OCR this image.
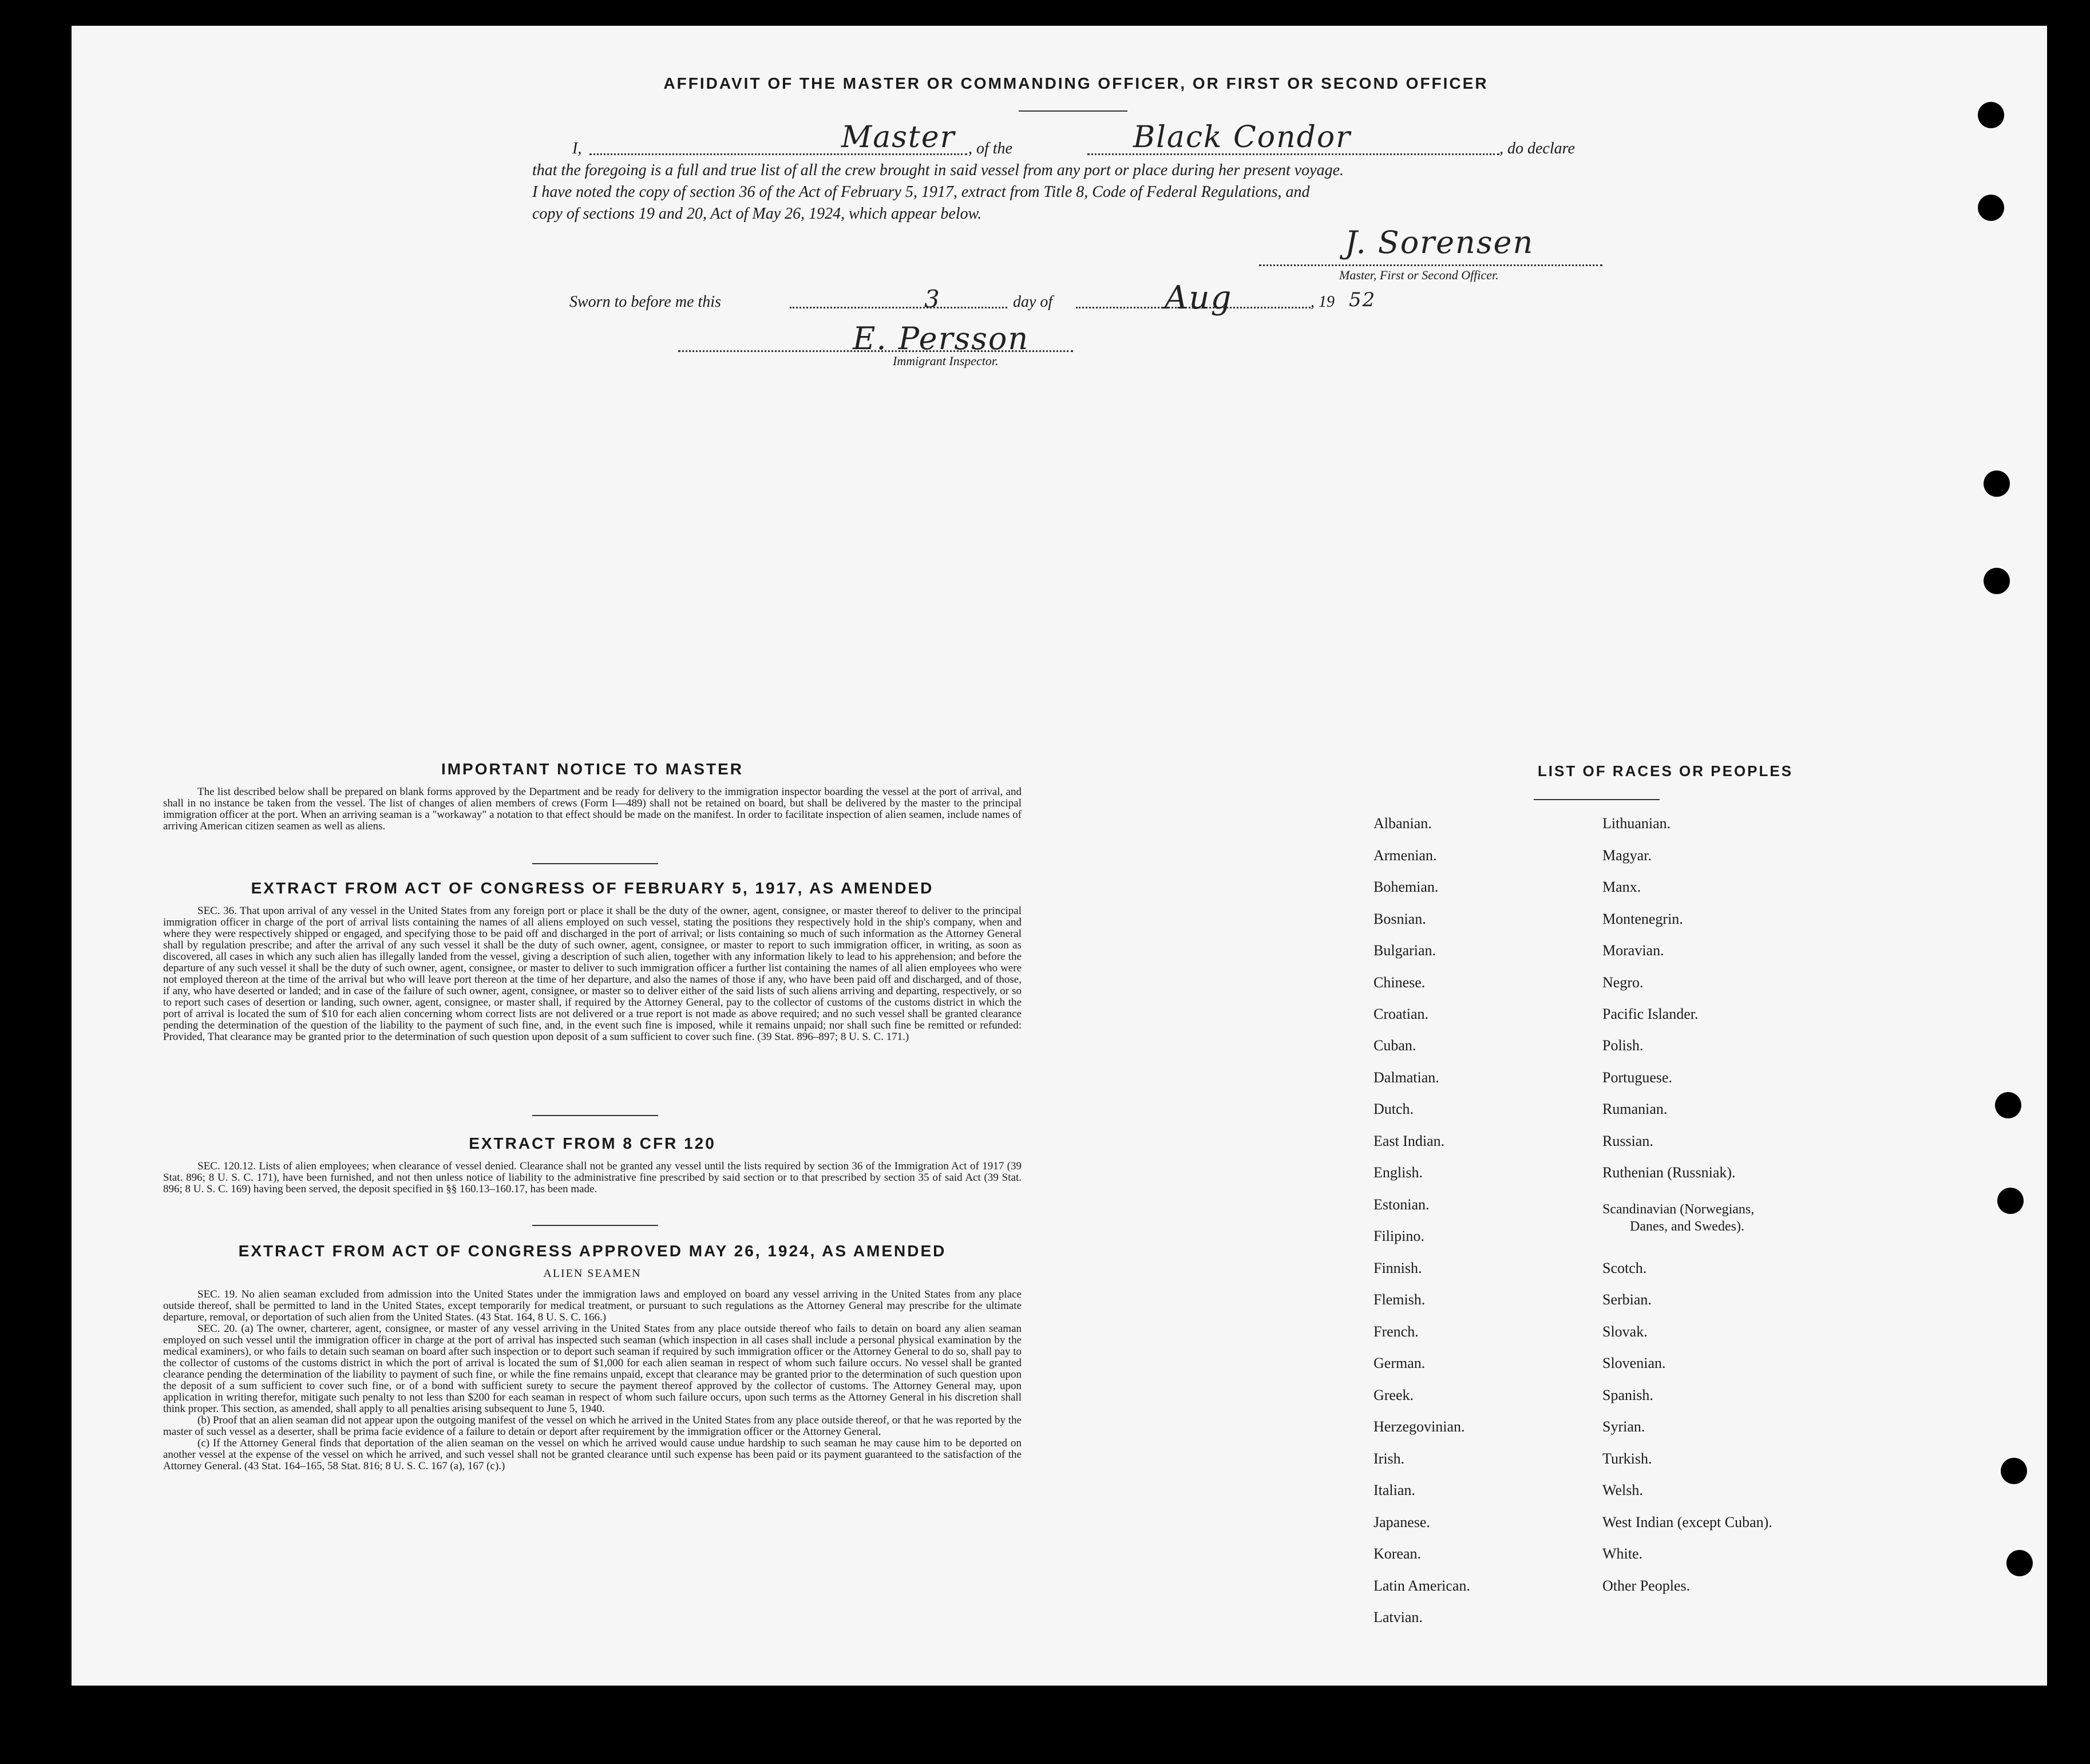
AFFIDAVIT OF THE MASTER OR COMMANDING OFFICER, OR FIRST OR SECOND OFFICER
I,	Master , of the	Black Condor	, do declare
that the foregoing is a full and true list of all the crew brought in said vessel from any port or place during her present voyage.
I have noted the copy of section 36 of the Act of February 5, 1917, extract from Title 8, Code of Federal Regulations, and
copy of sections 19 and 20, Act of May 26, 1924, which appear below.
J. Sorensen
Master, First or Second Officer.
Sworn to before me this	3	day of	Aug	, 19 52
E. Persson
Immigrant Inspector.
IMPORTANT NOTICE TO MASTER

The list described below shall be prepared on blank forms approved by the Department and be ready for delivery to the immigration inspector boarding the vessel at the port of arrival, and shall in no instance be taken from the vessel. The list of changes of alien members of crews (Form I—489) shall not be retained on board, but shall be delivered by the master to the principal immigration officer at the port. When an arriving seaman is a "workaway" a notation to that effect should be made on the manifest. In order to facilitate inspection of alien seamen, include names of arriving American citizen seamen as well as aliens.

EXTRACT FROM ACT OF CONGRESS OF FEBRUARY 5, 1917, AS AMENDED

SEC. 36. That upon arrival of any vessel in the United States from any foreign port or place it shall be the duty of the owner, agent, consignee, or master thereof to deliver to the principal immigration officer in charge of the port of arrival lists containing the names of all aliens employed on such vessel, stating the positions they respectively hold in the ship's company, when and where they were respectively shipped or engaged, and specifying those to be paid off and discharged in the port of arrival; or lists containing so much of such information as the Attorney General shall by regulation prescribe; and after the arrival of any such vessel it shall be the duty of such owner, agent, consignee, or master to report to such immigration officer, in writing, as soon as discovered, all cases in which any such alien has illegally landed from the vessel, giving a description of such alien, together with any information likely to lead to his apprehension; and before the departure of any such vessel it shall be the duty of such owner, agent, consignee, or master to deliver to such immigration officer a further list containing the names of all alien employees who were not employed thereon at the time of the arrival but who will leave port thereon at the time of her departure, and also the names of those if any, who have been paid off and discharged, and of those, if any, who have deserted or landed; and in case of the failure of such owner, agent, consignee, or master so to deliver either of the said lists of such aliens arriving and departing, respectively, or so to report such cases of desertion or landing, such owner, agent, consignee, or master shall, if required by the Attorney General, pay to the collector of customs of the customs district in which the port of arrival is located the sum of $10 for each alien concerning whom correct lists are not delivered or a true report is not made as above required; and no such vessel shall be granted clearance pending the determination of the question of the liability to the payment of such fine, and, in the event such fine is imposed, while it remains unpaid; nor shall such fine be remitted or refunded: Provided, That clearance may be granted prior to the determination of such question upon deposit of a sum sufficient to cover such fine. (39 Stat. 896–897; 8 U. S. C. 171.)

EXTRACT FROM 8 CFR 120

SEC. 120.12. Lists of alien employees; when clearance of vessel denied. Clearance shall not be granted any vessel until the lists required by section 36 of the Immigration Act of 1917 (39 Stat. 896; 8 U. S. C. 171), have been furnished, and not then unless notice of liability to the administrative fine prescribed by said section or to that prescribed by section 35 of said Act (39 Stat. 896; 8 U. S. C. 169) having been served, the deposit specified in §§ 160.13–160.17, has been made.

EXTRACT FROM ACT OF CONGRESS APPROVED MAY 26, 1924, AS AMENDED
ALIEN SEAMEN

SEC. 19. No alien seaman excluded from admission into the United States under the immigration laws and employed on board any vessel arriving in the United States from any place outside thereof, shall be permitted to land in the United States, except temporarily for medical treatment, or pursuant to such regulations as the Attorney General may prescribe for the ultimate departure, removal, or deportation of such alien from the United States. (43 Stat. 164, 8 U. S. C. 166.)

SEC. 20. (a) The owner, charterer, agent, consignee, or master of any vessel arriving in the United States from any place outside thereof who fails to detain on board any alien seaman employed on such vessel until the immigration officer in charge at the port of arrival has inspected such seaman (which inspection in all cases shall include a personal physical examination by the medical examiners), or who fails to detain such seaman on board after such inspection or to deport such seaman if required by such immigration officer or the Attorney General to do so, shall pay to the collector of customs of the customs district in which the port of arrival is located the sum of $1,000 for each alien seaman in respect of whom such failure occurs. No vessel shall be granted clearance pending the determination of the liability to payment of such fine, or while the fine remains unpaid, except that clearance may be granted prior to the determination of such question upon the deposit of a sum sufficient to cover such fine, or of a bond with sufficient surety to secure the payment thereof approved by the collector of customs. The Attorney General may, upon application in writing therefor, mitigate such penalty to not less than $200 for each seaman in respect of whom such failure occurs, upon such terms as the Attorney General in his discretion shall think proper. This section, as amended, shall apply to all penalties arising subsequent to June 5, 1940.

(b) Proof that an alien seaman did not appear upon the outgoing manifest of the vessel on which he arrived in the United States from any place outside thereof, or that he was reported by the master of such vessel as a deserter, shall be prima facie evidence of a failure to detain or deport after requirement by the immigration officer or the Attorney General.

(c) If the Attorney General finds that deportation of the alien seaman on the vessel on which he arrived would cause undue hardship to such seaman he may cause him to be deported on another vessel at the expense of the vessel on which he arrived, and such vessel shall not be granted clearance until such expense has been paid or its payment guaranteed to the satisfaction of the Attorney General. (43 Stat. 164–165, 58 Stat. 816; 8 U. S. C. 167 (a), 167 (c).)

LIST OF RACES OR PEOPLES
Albanian.
Armenian.
Bohemian.
Bosnian.
Bulgarian.
Chinese.
Croatian.
Cuban.
Dalmatian.
Dutch.
East Indian.
English.
Estonian.
Filipino.
Finnish.
Flemish.
French.
German.
Greek.
Herzegovinian.
Irish.
Italian.
Japanese.
Korean.
Latin American.
Latvian.
Lithuanian.
Magyar.
Manx.
Montenegrin.
Moravian.
Negro.
Pacific Islander.
Polish.
Portuguese.
Rumanian.
Russian.
Ruthenian (Russniak).
Scandinavian (Norwegians,
Danes, and Swedes).
Scotch.
Serbian.
Slovak.
Slovenian.
Spanish.
Syrian.
Turkish.
Welsh.
West Indian (except Cuban).
White.
Other Peoples.
